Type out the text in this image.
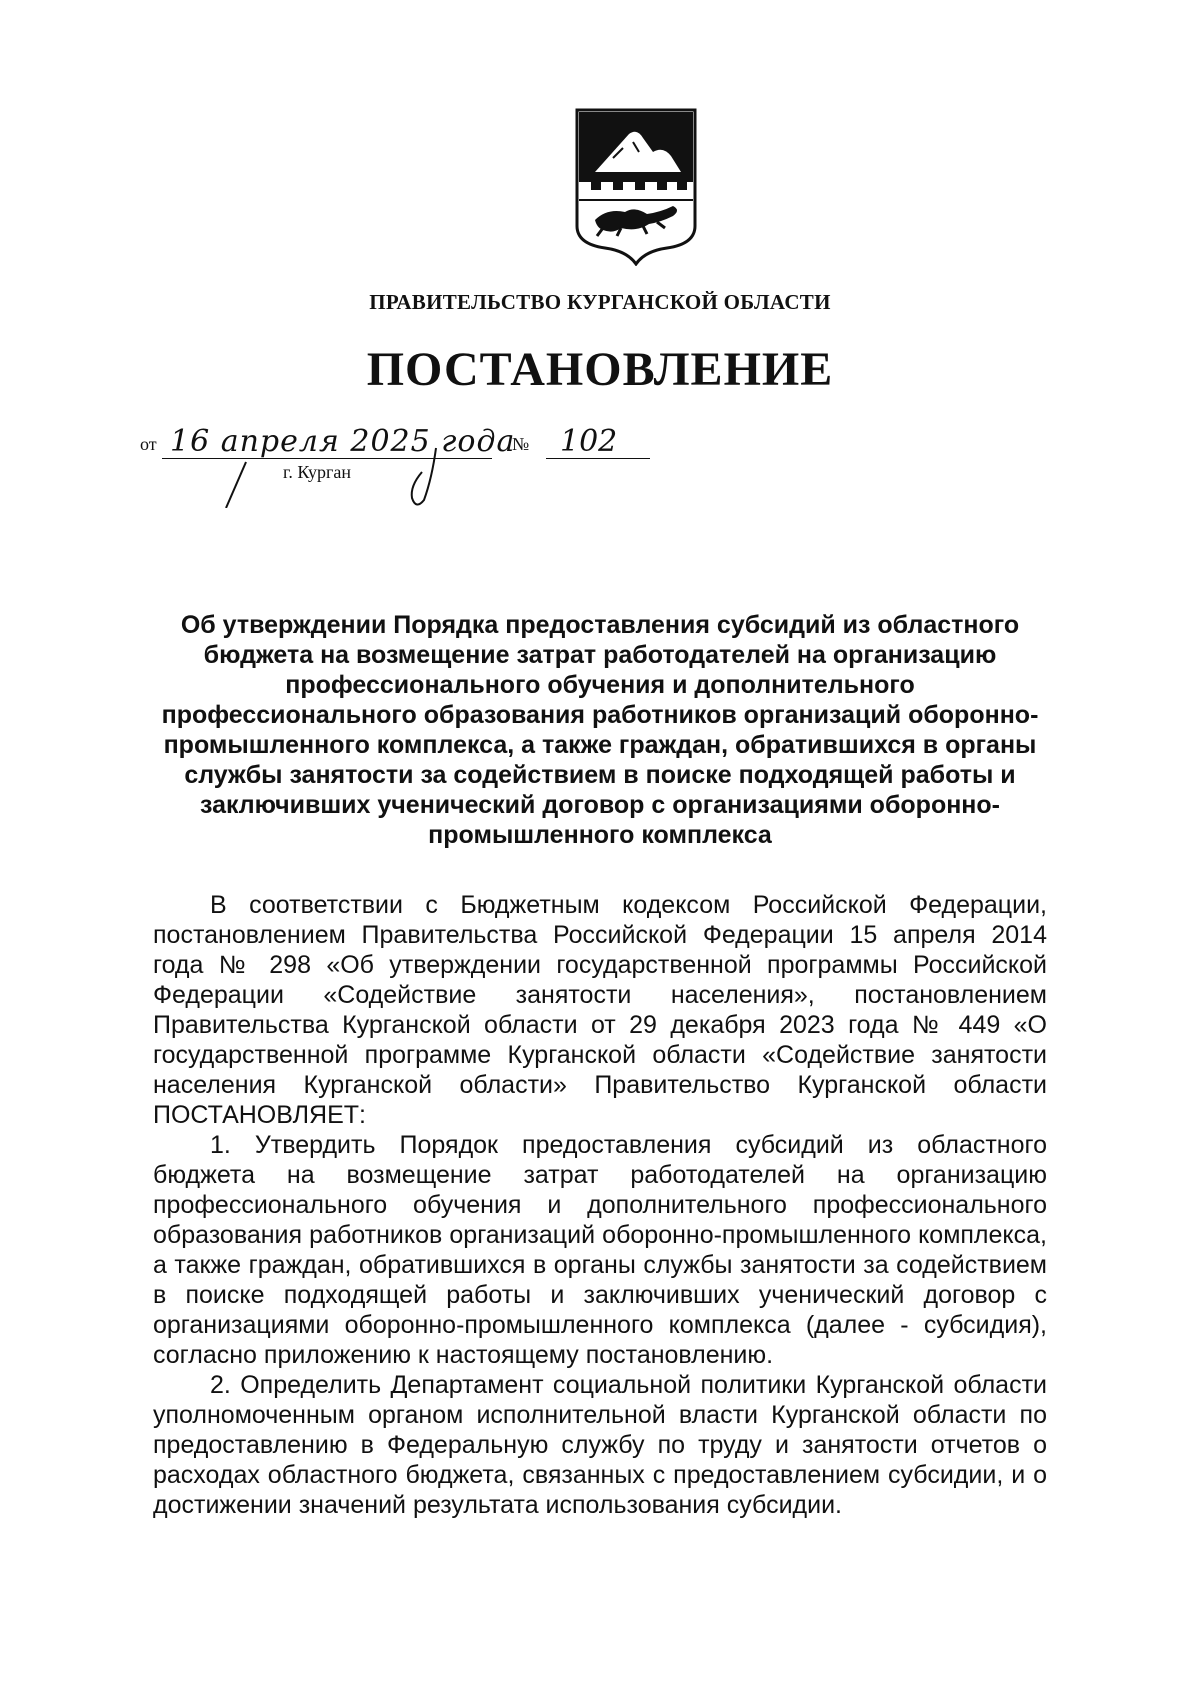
ПРАВИТЕЛЬСТВО КУРГАНСКОЙ ОБЛАСТИ
ПОСТАНОВЛЕНИЕ
от 16 апреля 2025 года
№ 102
г. Курган
Об утверждении Порядка предоставления субсидий из областного бюджета на возмещение затрат работодателей на организацию профессионального обучения и дополнительного профессионального образования работников организаций оборонно-промышленного комплекса, а также граждан, обратившихся в органы службы занятости за содействием в поиске подходящей работы и заключивших ученический договор с организациями оборонно-промышленного комплекса

В соответствии с Бюджетным кодексом Российской Федерации, постановлением Правительства Российской Федерации 15 апреля 2014 года № 298 «Об утверждении государственной программы Российской Федерации «Содействие занятости населения», постановлением Правительства Курганской области от 29 декабря 2023 года № 449 «О государственной программе Курганской области «Содействие занятости населения Курганской области» Правительство Курганской области ПОСТАНОВЛЯЕТ:

1. Утвердить Порядок предоставления субсидий из областного бюджета на возмещение затрат работодателей на организацию профессионального обучения и дополнительного профессионального образования работников организаций оборонно-промышленного комплекса, а также граждан, обратившихся в органы службы занятости за содействием в поиске подходящей работы и заключивших ученический договор с организациями оборонно-промышленного комплекса (далее - субсидия), согласно приложению к настоящему постановлению.

2. Определить Департамент социальной политики Курганской области уполномоченным органом исполнительной власти Курганской области по предоставлению в Федеральную службу по труду и занятости отчетов о расходах областного бюджета, связанных с предоставлением субсидии, и о достижении значений результата использования субсидии.
